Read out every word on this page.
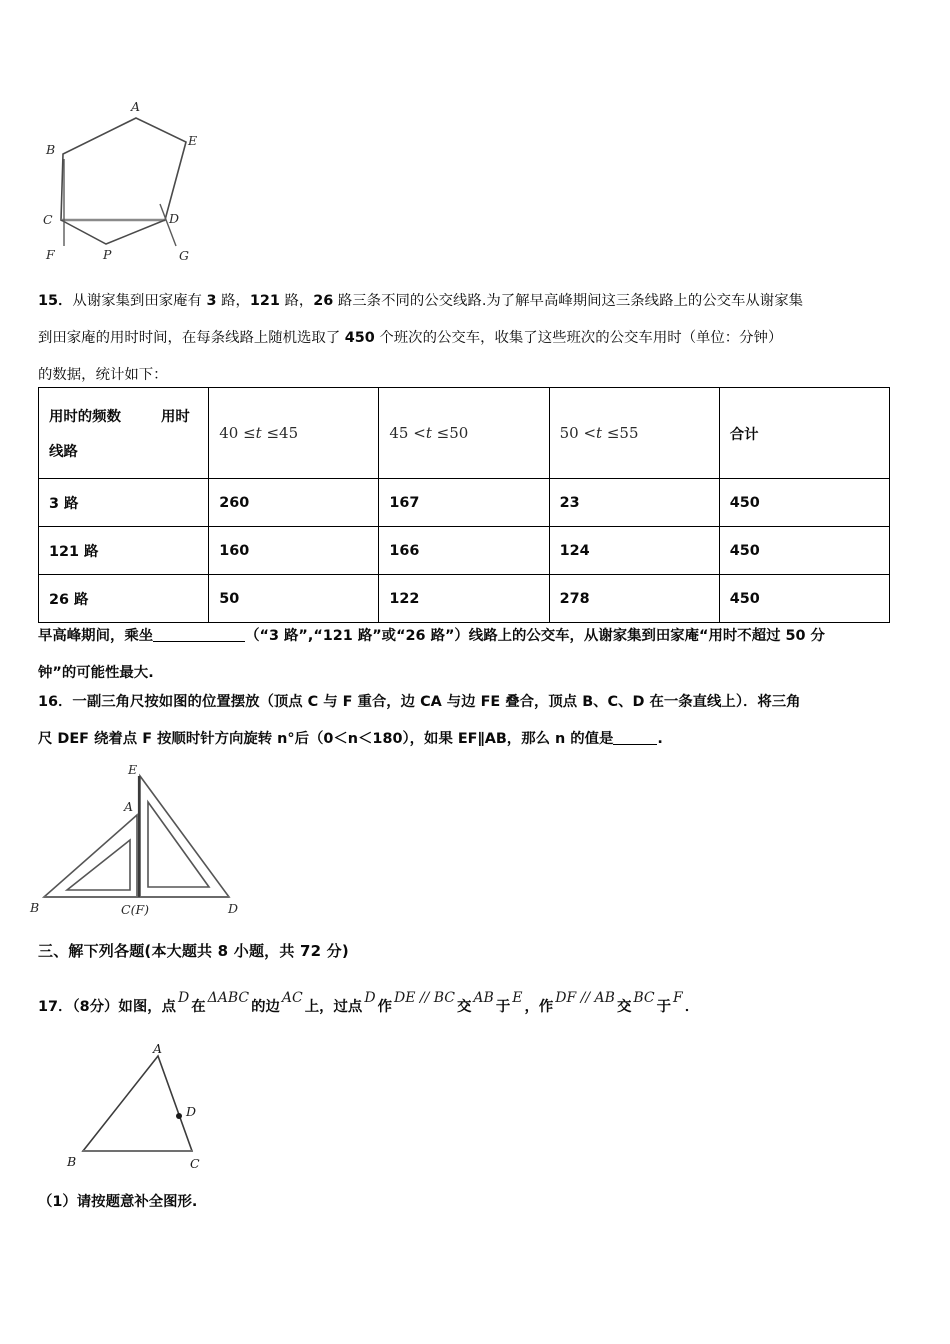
A
B
C	D
E
F	G
P
15．从谢家集到田家庵有 3 路，121 路，26 路三条不同的公交线路.为了解早高峰期间这三条线路上的公交车从谢家集
到田家庵的用时时间，在每条线路上随机选取了 450 个班次的公交车，收集了这些班次的公交车用时（单位：分钟）
的数据，统计如下：
用时的频数 用时
线路	40 ≤t ≤45	45 <t ≤50	50 <t ≤55	合计
3 路	260	167	23	450
121 路	160	166	124	450
26 路	50	122	278	450
早高峰期间，乘坐	（“3 路”,“121 路”或“26 路”）线路上的公交车，从谢家集到田家庵“用时不超过 50 分
钟”的可能性最大.
16．一副三角尺按如图的位置摆放（顶点 C 与 F 重合，边 CA 与边 FE 叠合，顶点 B、C、D 在一条直线上）．将三角
尺 DEF 绕着点 F 按顺时针方向旋转 n°后（0＜n＜180），如果 EF∥AB，那么 n 的值是	.
E
A
B	C(F)	D
三、解下列各题(本大题共 8 小题，共 72 分)
17．（8分）如图，点D在ΔABC的边AC上，过点D作DE // BC交AB于E，作DF // AB交BC于F．
A
B	C
D
（1）请按题意补全图形.
